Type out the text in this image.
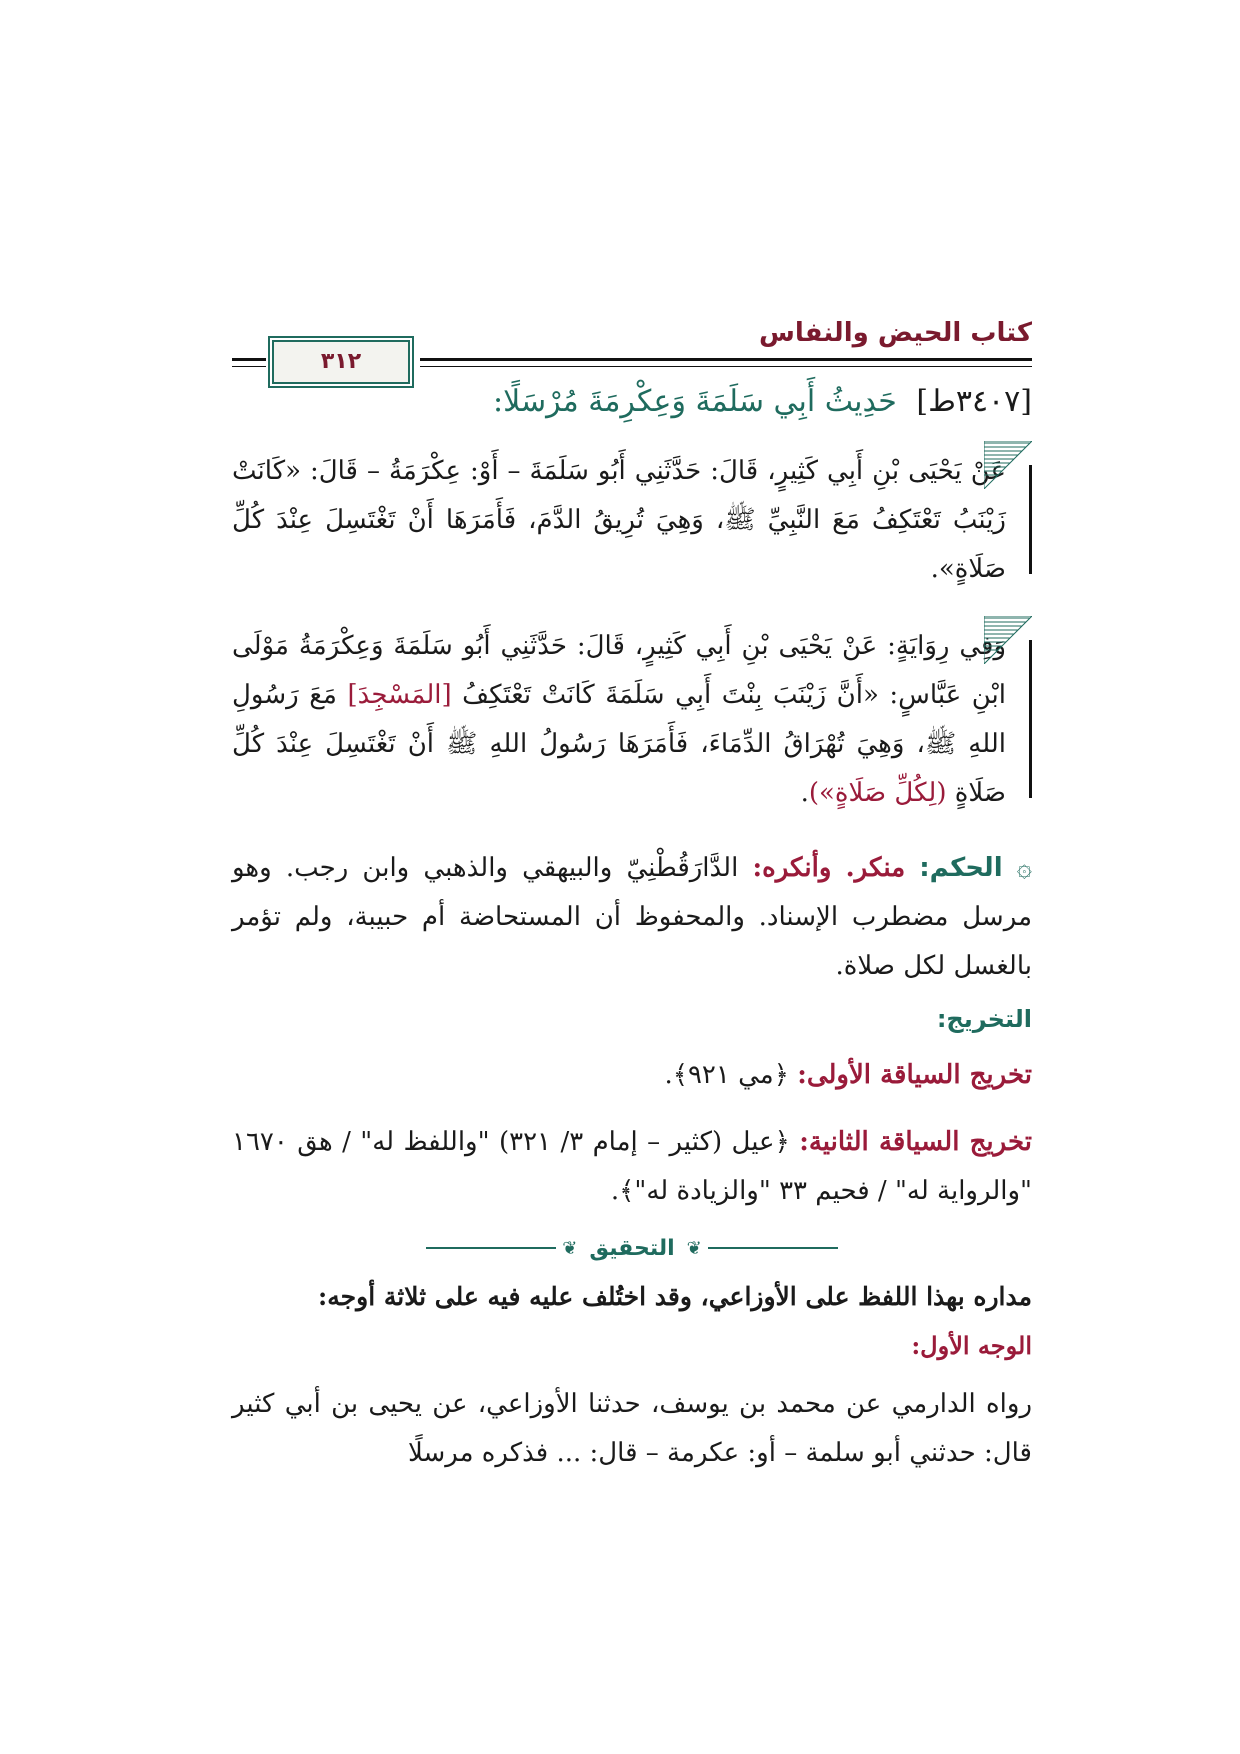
كتاب الحيض والنفاس
٣١٢
[٣٤٠٧ط] حَدِيثُ أَبِي سَلَمَةَ وَعِكْرِمَةَ مُرْسَلًا:
عَنْ يَحْيَى بْنِ أَبِي كَثِيرٍ، قَالَ: حَدَّثَنِي أَبُو سَلَمَةَ – أَوْ: عِكْرَمَةُ – قَالَ: «كَانَتْ زَيْنَبُ تَعْتَكِفُ مَعَ النَّبِيِّ ﷺ، وَهِيَ تُرِيقُ الدَّمَ، فَأَمَرَهَا أَنْ تَغْتَسِلَ عِنْدَ كُلِّ صَلَاةٍ».
وَفِي رِوَايَةٍ: عَنْ يَحْيَى بْنِ أَبِي كَثِيرٍ، قَالَ: حَدَّثَنِي أَبُو سَلَمَةَ وَعِكْرَمَةُ مَوْلَى ابْنِ عَبَّاسٍ: «أَنَّ زَيْنَبَ بِنْتَ أَبِي سَلَمَةَ كَانَتْ تَعْتَكِفُ [المَسْجِدَ] مَعَ رَسُولِ اللهِ ﷺ، وَهِيَ تُهْرَاقُ الدِّمَاءَ، فَأَمَرَهَا رَسُولُ اللهِ ﷺ أَنْ تَغْتَسِلَ عِنْدَ كُلِّ صَلَاةٍ (لِكُلِّ صَلَاةٍ»).
۞ الحكم: منكر. وأنكره: الدَّارَقُطْنِيّ والبيهقي والذهبي وابن رجب. وهو مرسل مضطرب الإسناد. والمحفوظ أن المستحاضة أم حبيبة، ولم تؤمر بالغسل لكل صلاة.
التخريج:
تخريج السياقة الأولى: ﴿مي ٩٢١﴾.
تخريج السياقة الثانية: ﴿عيل (كثير – إمام ٣/ ٣٢١) "واللفظ له" / هق ١٦٧٠ "والرواية له" / فحيم ٣٣ "والزيادة له"﴾.
❦
التحقيق
❦
مداره بهذا اللفظ على الأوزاعي، وقد اختُلف عليه فيه على ثلاثة أوجه:
الوجه الأول:
رواه الدارمي عن محمد بن يوسف، حدثنا الأوزاعي، عن يحيى بن أبي كثير قال: حدثني أبو سلمة – أو: عكرمة – قال: ... فذكره مرسلًا
